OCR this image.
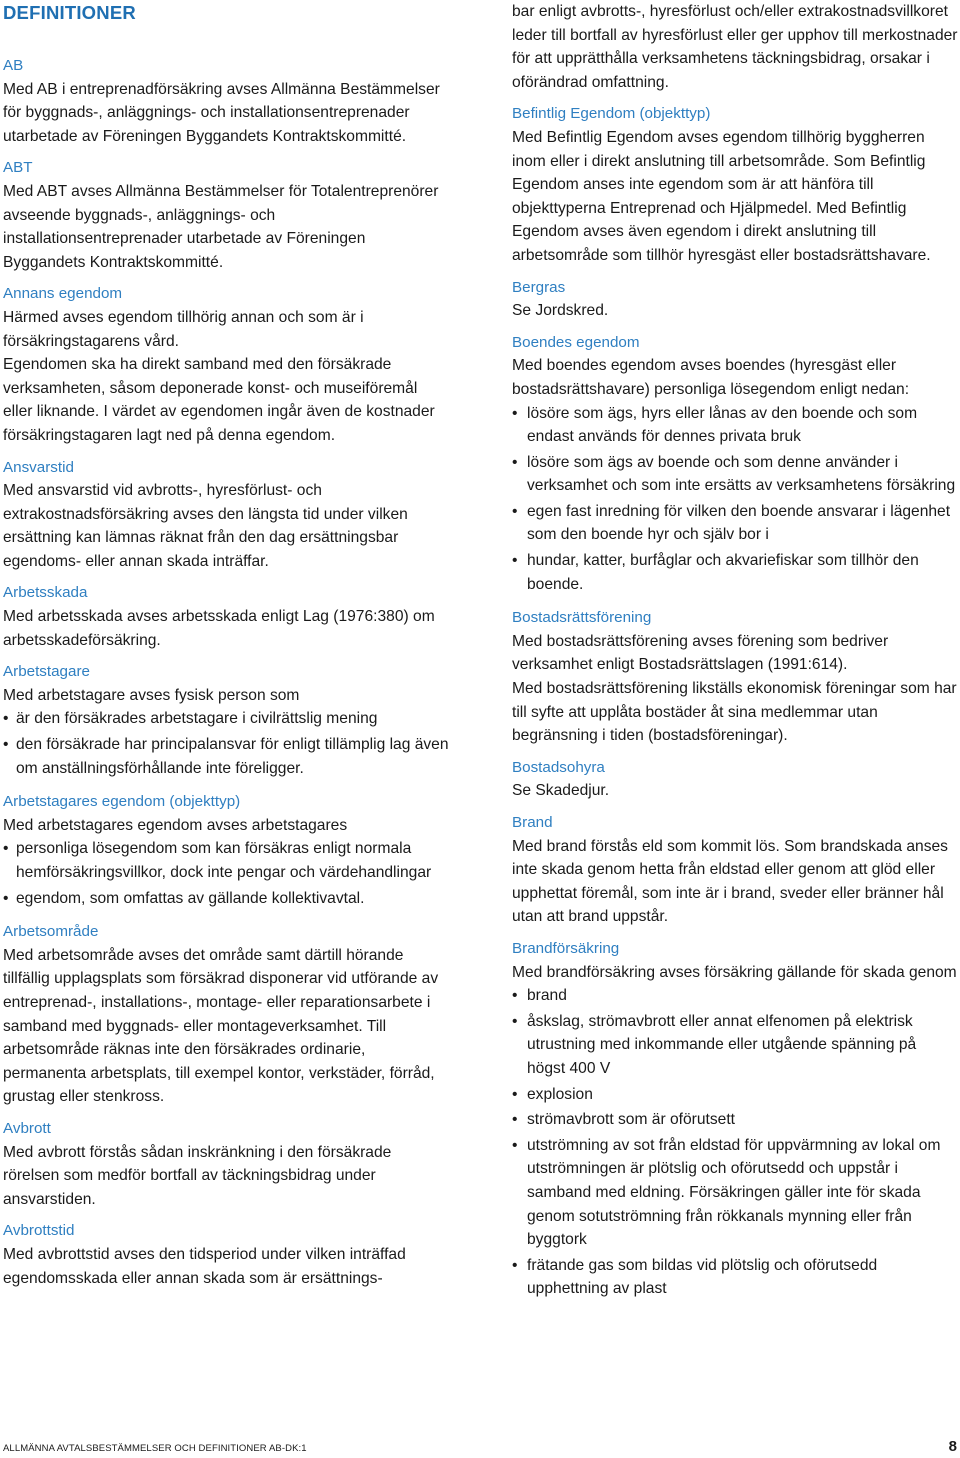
DEFINITIONER
AB

Med AB i entreprenadförsäkring avses Allmänna Bestämmelser för byggnads-, anläggnings- och installationsentreprenader utarbetade av Föreningen Byggandets Kontraktskommitté.

ABT

Med ABT avses Allmänna Bestämmelser för Totalentreprenörer avseende byggnads-, anläggnings- och installationsentreprenader utarbetade av Föreningen Byggandets Kontraktskommitté.

Annans egendom

Härmed avses egendom tillhörig annan och som är i försäkringstagarens vård.

Egendomen ska ha direkt samband med den försäkrade verksamheten, såsom deponerade konst- och museiföremål eller liknande. I värdet av egendomen ingår även de kostnader försäkringstagaren lagt ned på denna egendom.

Ansvarstid

Med ansvarstid vid avbrotts-, hyresförlust- och extrakostnadsförsäkring avses den längsta tid under vilken ersättning kan lämnas räknat från den dag ersättningsbar egendoms- eller annan skada inträffar.

Arbetsskada

Med arbetsskada avses arbetsskada enligt Lag (1976:380) om arbetsskadeförsäkring.

Arbetstagare

Med arbetstagare avses fysisk person som

• är den försäkrades arbetstagare i civilrättslig mening
• den försäkrade har principalansvar för enligt tillämplig lag även om anställningsförhållande inte föreligger.
Arbetstagares egendom (objekttyp)

Med arbetstagares egendom avses arbetstagares

• personliga lösegendom som kan försäkras enligt normala hemförsäkringsvillkor, dock inte pengar och värdehandlingar
• egendom, som omfattas av gällande kollektivavtal.
Arbetsområde

Med arbetsområde avses det område samt därtill hörande tillfällig upplagsplats som försäkrad disponerar vid utförande av entreprenad-, installations-, montage- eller reparationsarbete i samband med byggnads- eller montageverksamhet. Till arbetsområde räknas inte den försäkrades ordinarie, permanenta arbetsplats, till exempel kontor, verkstäder, förråd, grustag eller stenkross.

Avbrott

Med avbrott förstås sådan inskränkning i den försäkrade rörelsen som medför bortfall av täckningsbidrag under ansvarstiden.

Avbrottstid

Med avbrottstid avses den tidsperiod under vilken inträffad egendomsskada eller annan skada som är ersättnings-

bar enligt avbrotts-, hyresförlust och/eller extrakostnadsvillkoret leder till bortfall av hyresförlust eller ger upphov till merkostnader för att upprätthålla verksamhetens täckningsbidrag, orsakar i oförändrad omfattning.

Befintlig Egendom (objekttyp)

Med Befintlig Egendom avses egendom tillhörig byggherren inom eller i direkt anslutning till arbetsområde. Som Befintlig Egendom anses inte egendom som är att hänföra till objekttyperna Entreprenad och Hjälpmedel. Med Befintlig Egendom avses även egendom i direkt anslutning till arbetsområde som tillhör hyresgäst eller bostadsrättshavare.

Bergras

Se Jordskred.

Boendes egendom

Med boendes egendom avses boendes (hyresgäst eller bostadsrättshavare) personliga lösegendom enligt nedan:

• lösöre som ägs, hyrs eller lånas av den boende och som endast används för dennes privata bruk
• lösöre som ägs av boende och som denne använder i verksamhet och som inte ersätts av verksamhetens försäkring
• egen fast inredning för vilken den boende ansvarar i lägenhet som den boende hyr och själv bor i
• hundar, katter, burfåglar och akvariefiskar som tillhör den boende.
Bostadsrättsförening

Med bostadsrättsförening avses förening som bedriver verksamhet enligt Bostadsrättslagen (1991:614).

Med bostadsrättsförening likställs ekonomisk föreningar som har till syfte att upplåta bostäder åt sina medlemmar utan begränsning i tiden (bostadsföreningar).

Bostadsohyra

Se Skadedjur.

Brand

Med brand förstås eld som kommit lös. Som brandskada anses inte skada genom hetta från eldstad eller genom att glöd eller upphettat föremål, som inte är i brand, sveder eller bränner hål utan att brand uppstår.

Brandförsäkring

Med brandförsäkring avses försäkring gällande för skada genom

• brand
• åskslag, strömavbrott eller annat elfenomen på elektrisk utrustning med inkommande eller utgående spänning på högst 400 V
• explosion
• strömavbrott som är oförutsett
• utströmning av sot från eldstad för uppvärmning av lokal om utströmningen är plötslig och oförutsedd och uppstår i samband med eldning. Försäkringen gäller inte för skada genom sotutströmning från rökkanals mynning eller från byggtork
• frätande gas som bildas vid plötslig och oförutsedd upphettning av plast
ALLMÄNNA AVTALSBESTÄMMELSER OCH DEFINITIONER AB-DK:1	8
